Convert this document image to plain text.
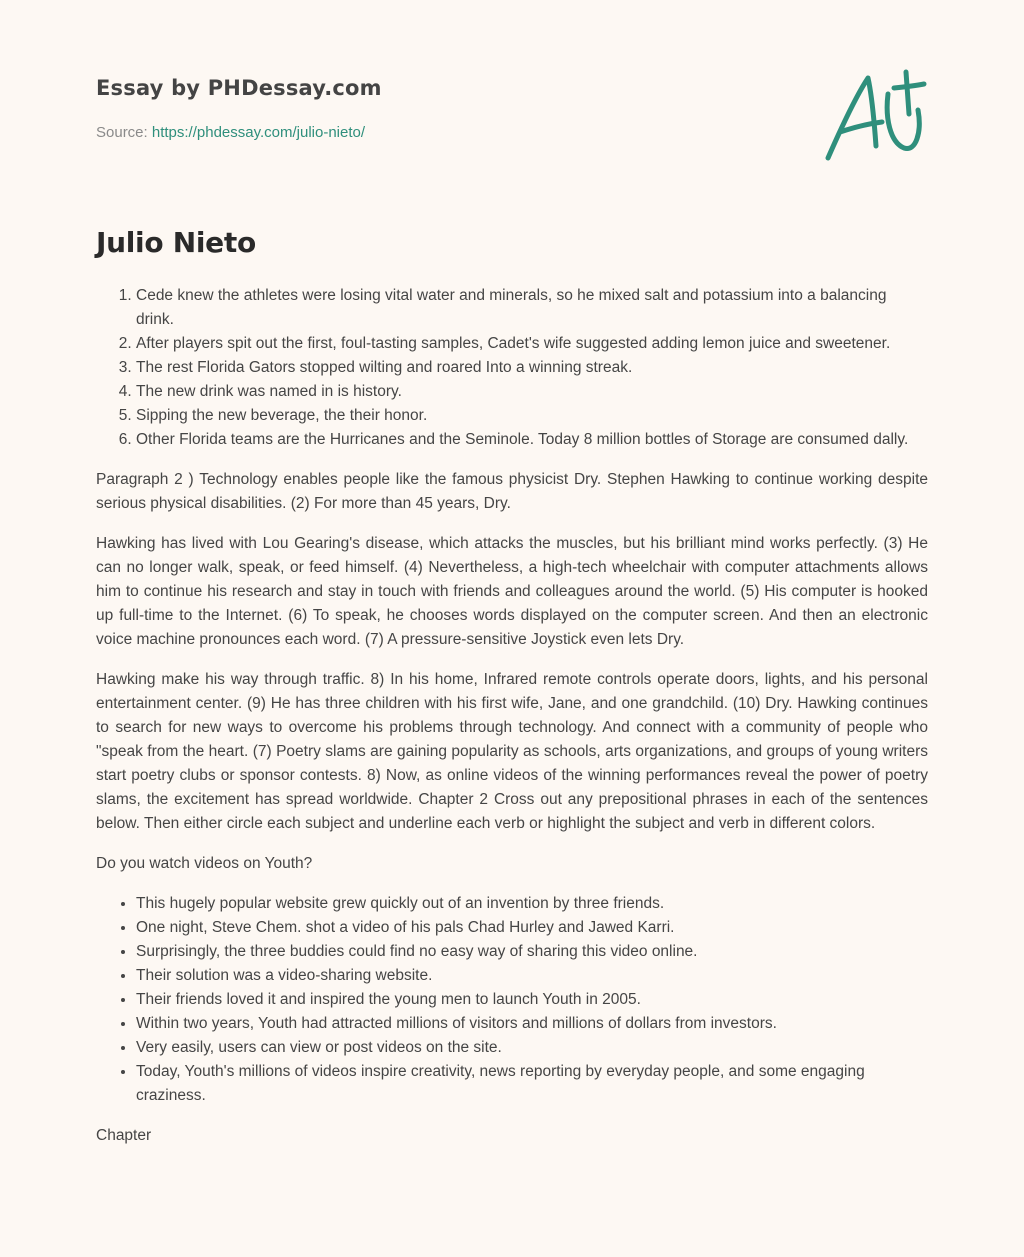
Essay by PHDessay.com
Source: https://phdessay.com/julio-nieto/
Julio Nieto
1. Cede knew the athletes were losing vital water and minerals, so he mixed salt and potassium into a balancing drink.
2. After players spit out the first, foul-tasting samples, Cadet's wife suggested adding lemon juice and sweetener.
3. The rest Florida Gators stopped wilting and roared Into a winning streak.
4. The new drink was named in is history.
5. Sipping the new beverage, the their honor.
6. Other Florida teams are the Hurricanes and the Seminole. Today 8 million bottles of Storage are consumed dally.

Paragraph 2 ) Technology enables people like the famous physicist Dry. Stephen Hawking to continue working despite serious physical disabilities. (2) For more than 45 years, Dry.

Hawking has lived with Lou Gearing's disease, which attacks the muscles, but his brilliant mind works perfectly. (3) He can no longer walk, speak, or feed himself. (4) Nevertheless, a high-tech wheelchair with computer attachments allows him to continue his research and stay in touch with friends and colleagues around the world. (5) His computer is hooked up full-time to the Internet. (6) To speak, he chooses words displayed on the computer screen. And then an electronic voice machine pronounces each word. (7) A pressure-sensitive Joystick even lets Dry.

Hawking make his way through traffic. 8) In his home, Infrared remote controls operate doors, lights, and his personal entertainment center. (9) He has three children with his first wife, Jane, and one grandchild. (10) Dry. Hawking continues to search for new ways to overcome his problems through technology. And connect with a community of people who "speak from the heart. (7) Poetry slams are gaining popularity as schools, arts organizations, and groups of young writers start poetry clubs or sponsor contests. 8) Now, as online videos of the winning performances reveal the power of poetry slams, the excitement has spread worldwide. Chapter 2 Cross out any prepositional phrases in each of the sentences below. Then either circle each subject and underline each verb or highlight the subject and verb in different colors.

Do you watch videos on Youth?

• This hugely popular website grew quickly out of an invention by three friends.
• One night, Steve Chem. shot a video of his pals Chad Hurley and Jawed Karri.
• Surprisingly, the three buddies could find no easy way of sharing this video online.
• Their solution was a video-sharing website.
• Their friends loved it and inspired the young men to launch Youth in 2005.
• Within two years, Youth had attracted millions of visitors and millions of dollars from investors.
• Very easily, users can view or post videos on the site.
• Today, Youth's millions of videos inspire creativity, news reporting by everyday people, and some engaging craziness.

Chapter
